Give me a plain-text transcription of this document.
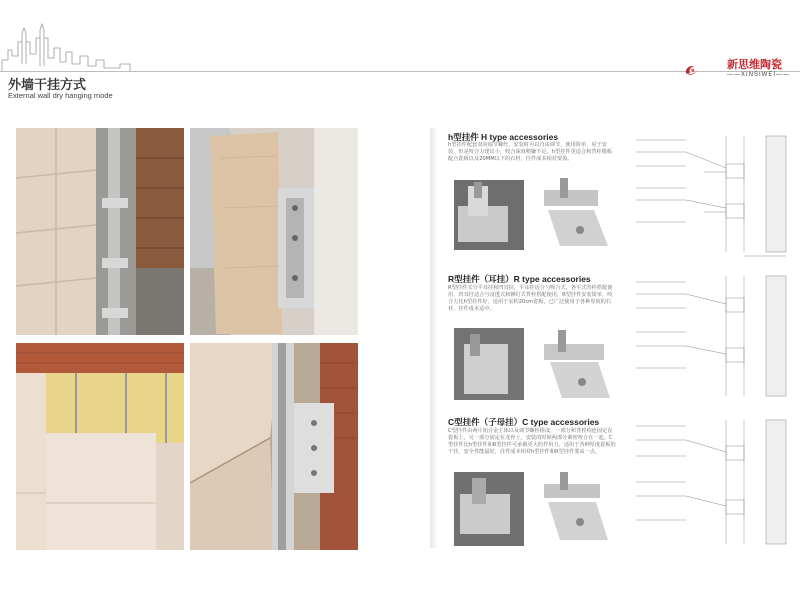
外墙干挂方式
External wall dry hanging mode
新思维陶瓷
——XINSIWEI——
h型挂件 H type accessories
h型挂件配套双向调节螺丝，安装时可以自由调节，使用简单、易于安装，但是咬合力建议小，咬合深度稍嫌不足。h型挂件更适合和背栓模板配合瓷板以及20MM以下的石材，挂件成本相对要盈。
R型挂件（耳挂）R type accessories
R型挂件又分平耳挂和凹耳挂，平耳挂适合与吸合式，各平式背栓搭配使用，凹耳挂适合与浸透式和铆钉式背栓搭配使用，R型挂件安装简单，咬合力比h型挂件好，适用于室约20cm瓷板，已广泛使用于各种厚度的石材，挂件成本适中。
C型挂件（子母挂）C type accessories
C型挂件由两片铝合金主体以及调节螺栓组成，一部分和背栓构连固定在瓷板上，另一部分固定在龙骨上，安装的时候两部分紧密咬合在一起。C型挂件比h型挂件和R型挂件可承载更大的作用力，适用于各种厚度瓷板的干挂，安全性能最好，挂件成本相对h型挂件和R型挂件要高一点。
